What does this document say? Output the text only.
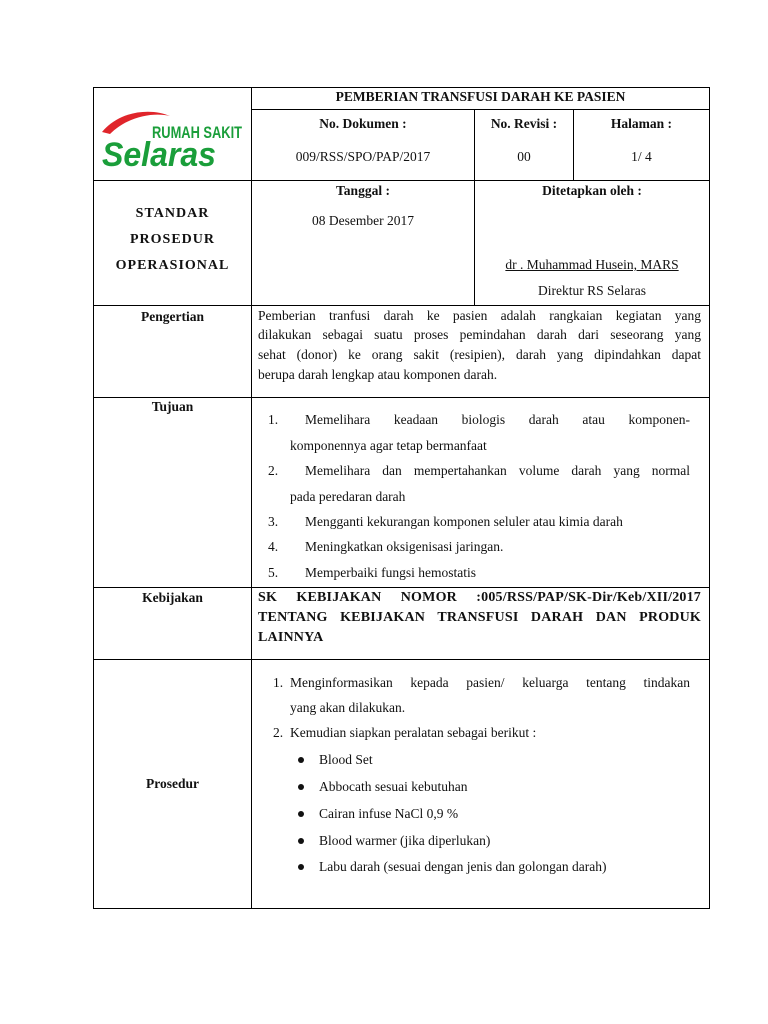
RUMAH SAKIT
Selaras
PEMBERIAN TRANSFUSI DARAH KE PASIEN
No. Dokumen :
009/RSS/SPO/PAP/2017
No. Revisi :
00
Halaman :
1/ 4
STANDAR
PROSEDUR
OPERASIONAL
Tanggal :
08 Desember 2017
Ditetapkan oleh :
dr . Muhammad Husein, MARS
Direktur RS Selaras
Pengertian	Pemberian tranfusi darah ke pasien adalah rangkaian kegiatan yang
dilakukan sebagai suatu proses pemindahan darah dari seseorang yang
sehat (donor) ke orang sakit (resipien), darah yang dipindahkan dapat
berupa darah lengkap atau komponen darah.
Tujuan
1. Memelihara keadaan biologis darah atau komponen-
komponennya agar tetap bermanfaat
2. Memelihara dan mempertahankan volume darah yang normal
pada peredaran darah
3. Mengganti kekurangan komponen seluler atau kimia darah
4. Meningkatkan oksigenisasi jaringan.
5. Memperbaiki fungsi hemostatis
Kebijakan	SK KEBIJAKAN NOMOR :005/RSS/PAP/SK-Dir/Keb/XII/2017
TENTANG KEBIJAKAN TRANSFUSI DARAH DAN PRODUK
LAINNYA
Prosedur
1. Menginformasikan kepada pasien/ keluarga tentang tindakan
yang akan dilakukan.
2. Kemudian siapkan peralatan sebagai berikut :
Blood Set
Abbocath sesuai kebutuhan
Cairan infuse NaCl 0,9 %
Blood warmer (jika diperlukan)
Labu darah (sesuai dengan jenis dan golongan darah)
